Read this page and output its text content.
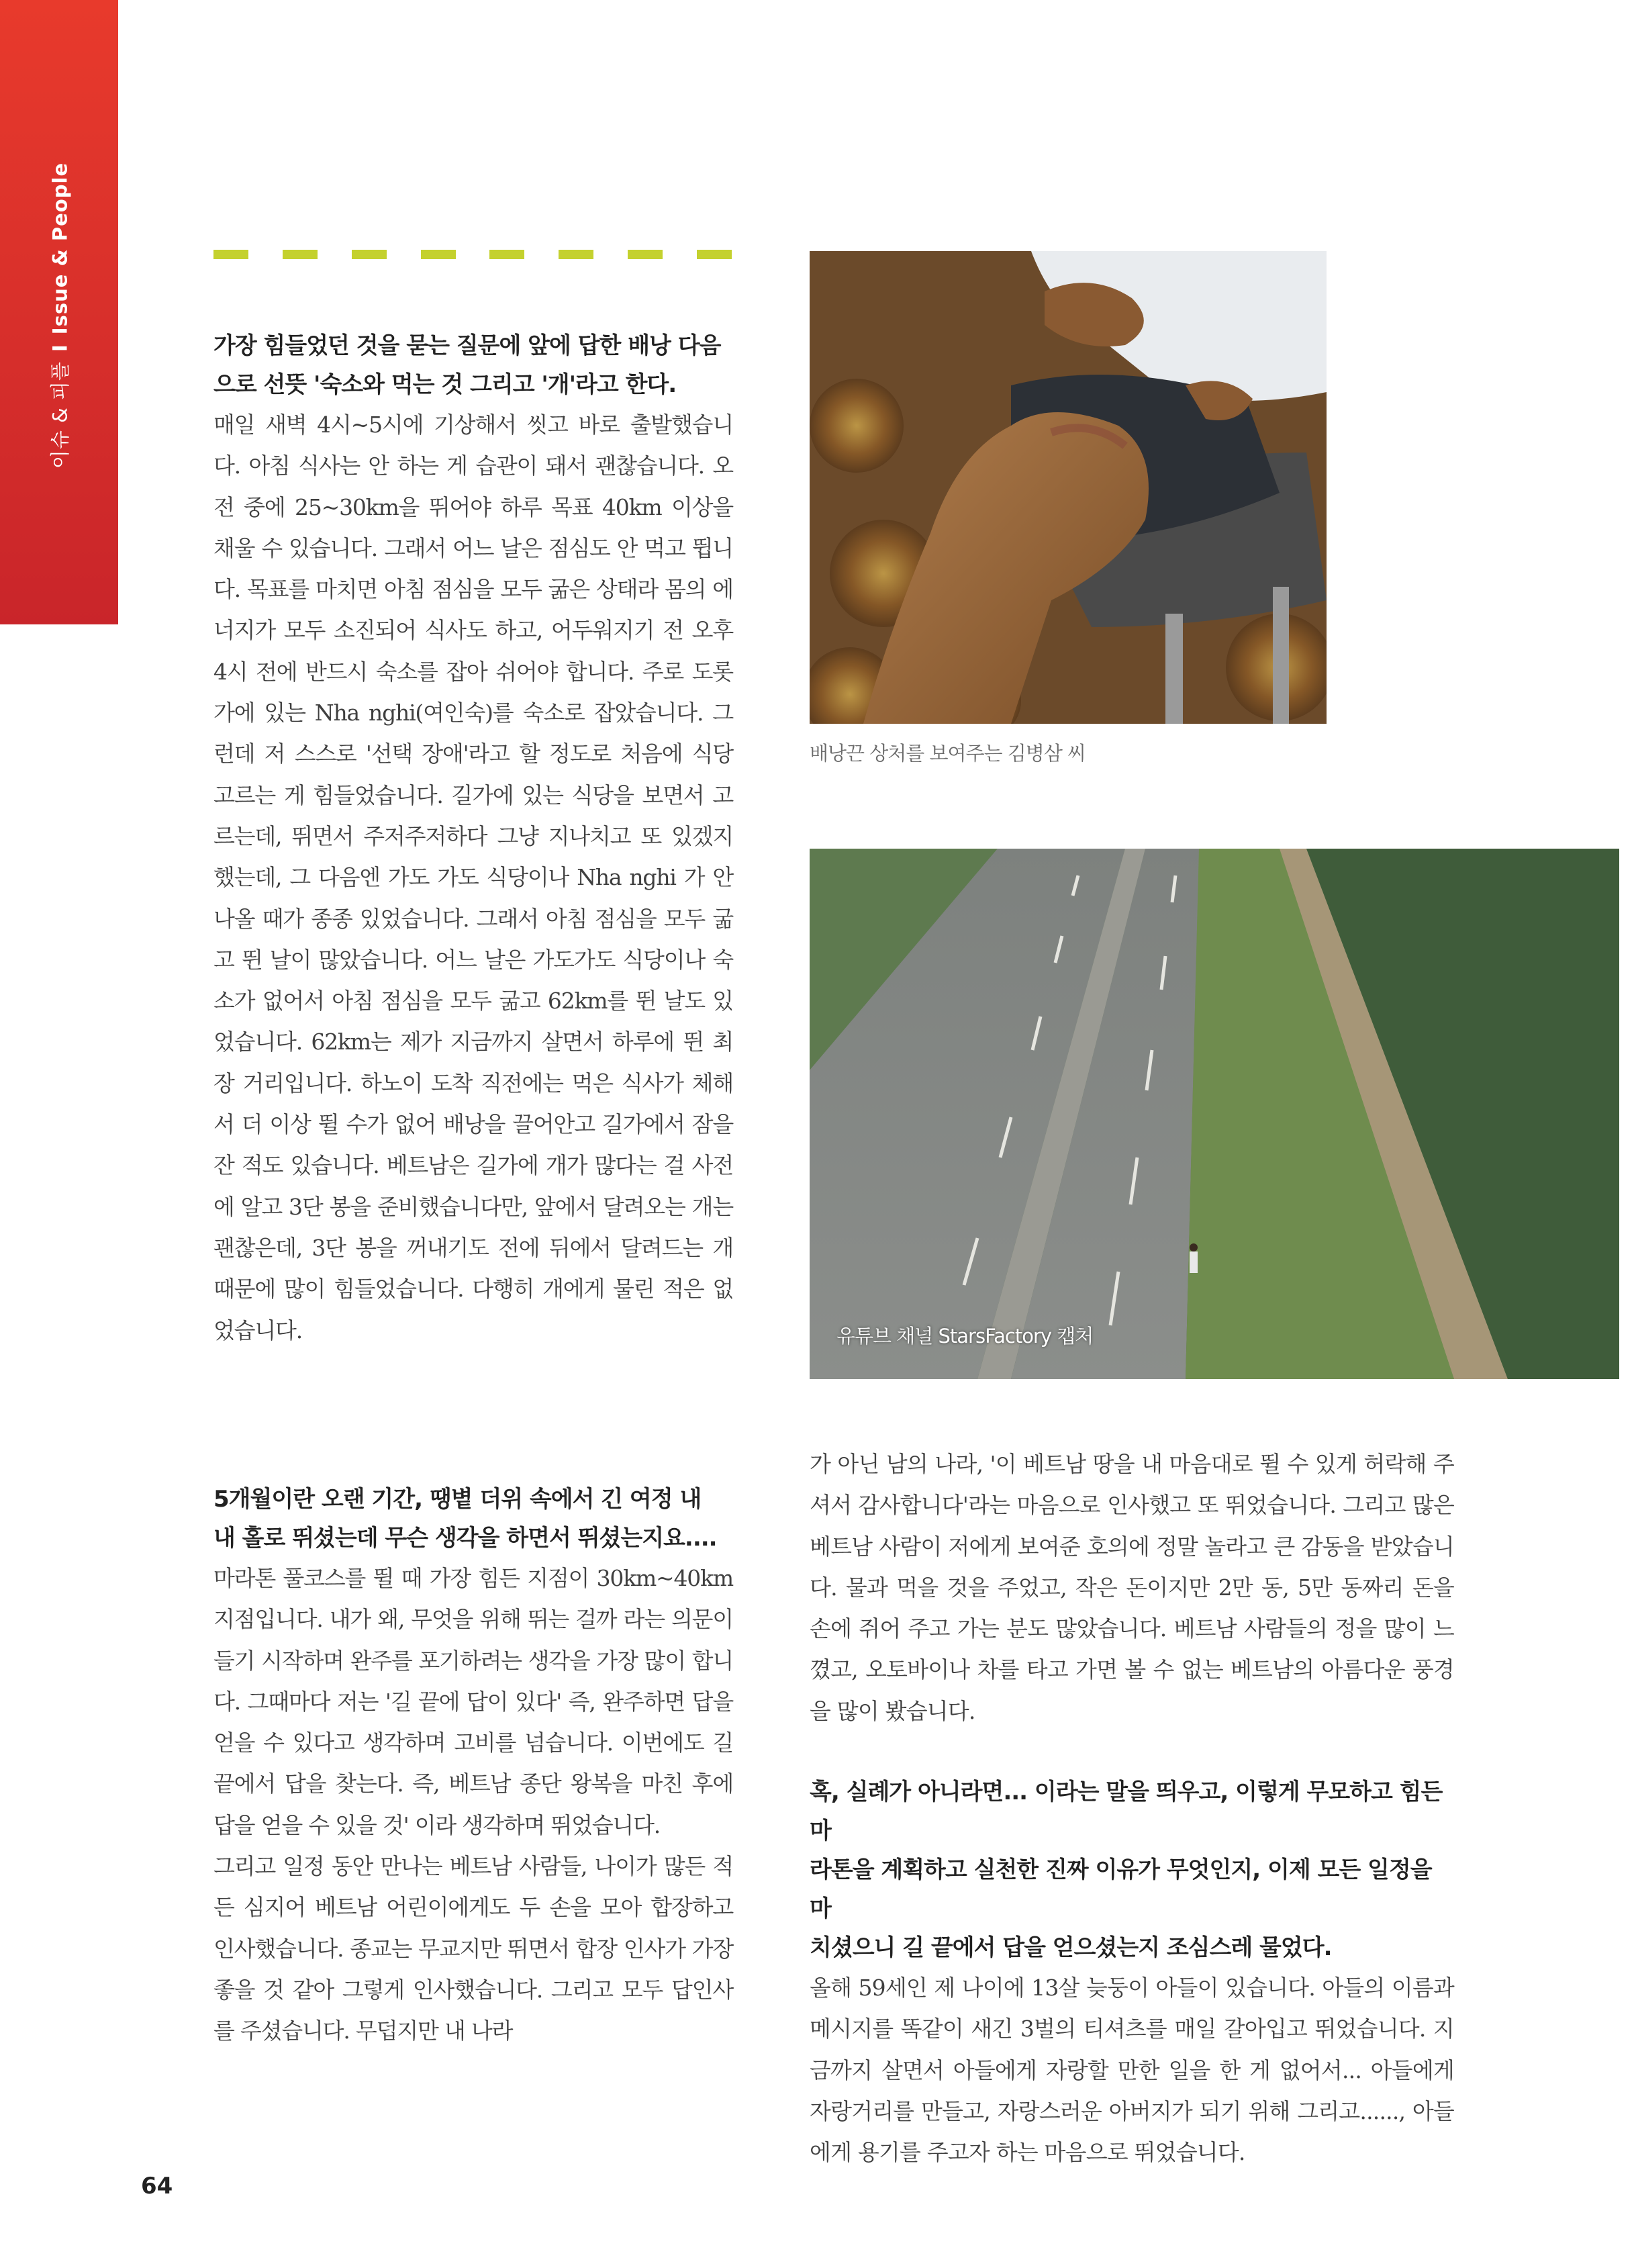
이슈 & 피플IIssue & People

가장 힘들었던 것을 묻는 질문에 앞에 답한 배낭 다음

으로 선뜻 '숙소와 먹는 것 그리고 '개'라고 한다.

매일 새벽 4시~5시에 기상해서 씻고 바로 출발했습니다. 아침 식사는 안 하는 게 습관이 돼서 괜찮습니다. 오전 중에 25~30km을 뛰어야 하루 목표 40km 이상을 채울 수 있습니다. 그래서 어느 날은 점심도 안 먹고 뜁니다. 목표를 마치면 아침 점심을 모두 굶은 상태라 몸의 에너지가 모두 소진되어 식사도 하고, 어두워지기 전 오후 4시 전에 반드시 숙소를 잡아 쉬어야 합니다. 주로 도롯가에 있는 Nha nghi(여인숙)를 숙소로 잡았습니다. 그런데 저 스스로 '선택 장애'라고 할 정도로 처음에 식당 고르는 게 힘들었습니다. 길가에 있는 식당을 보면서 고르는데, 뛰면서 주저주저하다 그냥 지나치고 또 있겠지 했는데, 그 다음엔 가도 가도 식당이나 Nha nghi 가 안 나올 때가 종종 있었습니다. 그래서 아침 점심을 모두 굶고 뛴 날이 많았습니다. 어느 날은 가도가도 식당이나 숙소가 없어서 아침 점심을 모두 굶고 62km를 뛴 날도 있었습니다. 62km는 제가 지금까지 살면서 하루에 뛴 최장 거리입니다. 하노이 도착 직전에는 먹은 식사가 체해서 더 이상 뛸 수가 없어 배낭을 끌어안고 길가에서 잠을 잔 적도 있습니다. 베트남은 길가에 개가 많다는 걸 사전에 알고 3단 봉을 준비했습니다만, 앞에서 달려오는 개는 괜찮은데, 3단 봉을 꺼내기도 전에 뒤에서 달려드는 개 때문에 많이 힘들었습니다. 다행히 개에게 물린 적은 없었습니다.

5개월이란 오랜 기간, 땡볕 더위 속에서 긴 여정 내

내 홀로 뛰셨는데 무슨 생각을 하면서 뛰셨는지요....

마라톤 풀코스를 뛸 때 가장 힘든 지점이 30km~40km 지점입니다. 내가 왜, 무엇을 위해 뛰는 걸까 라는 의문이 들기 시작하며 완주를 포기하려는 생각을 가장 많이 합니다. 그때마다 저는 '길 끝에 답이 있다' 즉, 완주하면 답을 얻을 수 있다고 생각하며 고비를 넘습니다. 이번에도 길 끝에서 답을 찾는다. 즉, 베트남 종단 왕복을 마친 후에 답을 얻을 수 있을 것' 이라 생각하며 뛰었습니다.

그리고 일정 동안 만나는 베트남 사람들, 나이가 많든 적든 심지어 베트남 어린이에게도 두 손을 모아 합장하고 인사했습니다. 종교는 무교지만 뛰면서 합장 인사가 가장 좋을 것 같아 그렇게 인사했습니다. 그리고 모두 답인사를 주셨습니다. 무덥지만 내 나라

배낭끈 상처를 보여주는 김병삼 씨
유튜브 채널 StarsFactory 캡처

가 아닌 남의 나라, '이 베트남 땅을 내 마음대로 뛸 수 있게 허락해 주셔서 감사합니다'라는 마음으로 인사했고 또 뛰었습니다. 그리고 많은 베트남 사람이 저에게 보여준 호의에 정말 놀라고 큰 감동을 받았습니다. 물과 먹을 것을 주었고, 작은 돈이지만 2만 동, 5만 동짜리 돈을 손에 쥐어 주고 가는 분도 많았습니다. 베트남 사람들의 정을 많이 느꼈고, 오토바이나 차를 타고 가면 볼 수 없는 베트남의 아름다운 풍경을 많이 봤습니다.

혹, 실례가 아니라면... 이라는 말을 띄우고, 이렇게 무모하고 힘든 마

라톤을 계획하고 실천한 진짜 이유가 무엇인지, 이제 모든 일정을 마

치셨으니 길 끝에서 답을 얻으셨는지 조심스레 물었다.

올해 59세인 제 나이에 13살 늦둥이 아들이 있습니다. 아들의 이름과 메시지를 똑같이 새긴 3벌의 티셔츠를 매일 갈아입고 뛰었습니다. 지금까지 살면서 아들에게 자랑할 만한 일을 한 게 없어서... 아들에게 자랑거리를 만들고, 자랑스러운 아버지가 되기 위해 그리고......, 아들에게 용기를 주고자 하는 마음으로 뛰었습니다.

64
